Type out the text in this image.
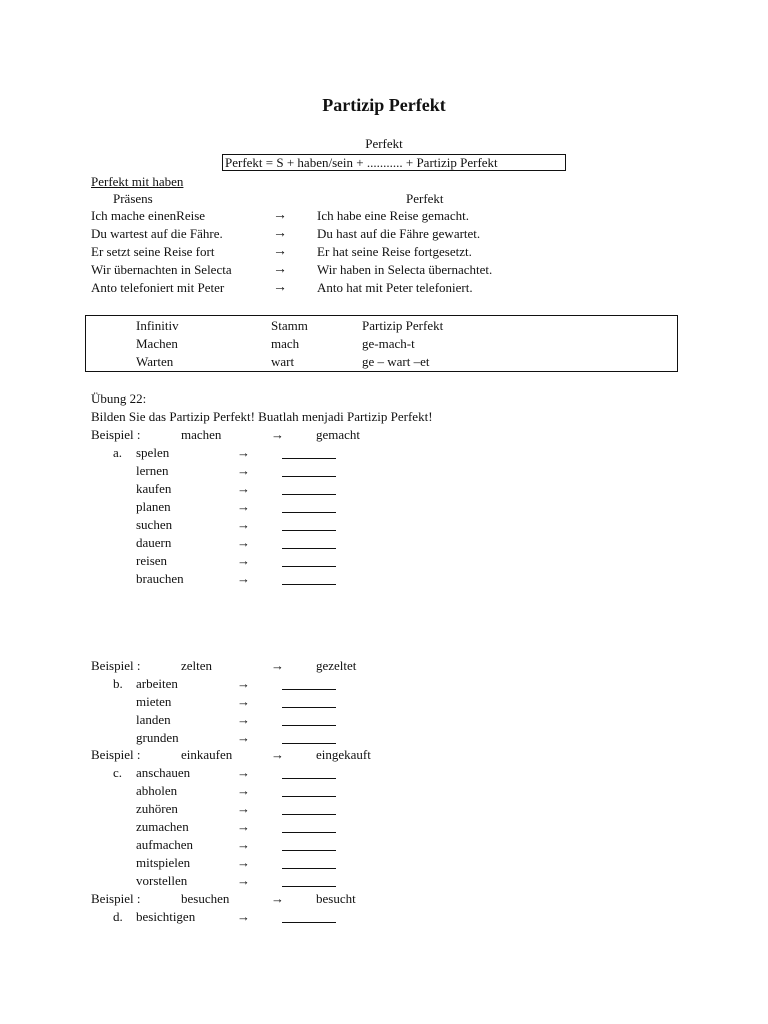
Partizip Perfekt
Perfekt
Perfekt = S + haben/sein + ........... + Partizip Perfekt
Perfekt mit haben
Präsens	Perfekt
Ich mache einenReise	→ Ich habe eine Reise gemacht.
Du wartest auf die Fähre.	→ Du hast auf die Fähre gewartet.
Er setzt seine Reise fort	→ Er hat seine Reise fortgesetzt.
Wir übernachten in Selecta	→ Wir haben in Selecta übernachtet.
Anto telefoniert mit Peter	→ Anto hat mit Peter telefoniert.
Infinitiv	Stamm	Partizip Perfekt
Machen	mach	ge-mach-t
Warten	wart	ge – wart –et
Übung 22:
Bilden Sie das Partizip Perfekt! Buatlah menjadi Partizip Perfekt!
Beispiel :	machen	→ gemacht
a. spelen	→
lernen	→
kaufen	→
planen	→
suchen	→
dauern	→
reisen	→
brauchen	→
Beispiel :	zelten	→ gezeltet
b. arbeiten	→
mieten	→
landen	→
grunden	→
Beispiel :	einkaufen	→ eingekauft
c. anschauen	→
abholen	→
zuhören	→
zumachen	→
aufmachen	→
mitspielen	→
vorstellen	→
Beispiel :	besuchen	→ besucht
d. besichtigen	→
